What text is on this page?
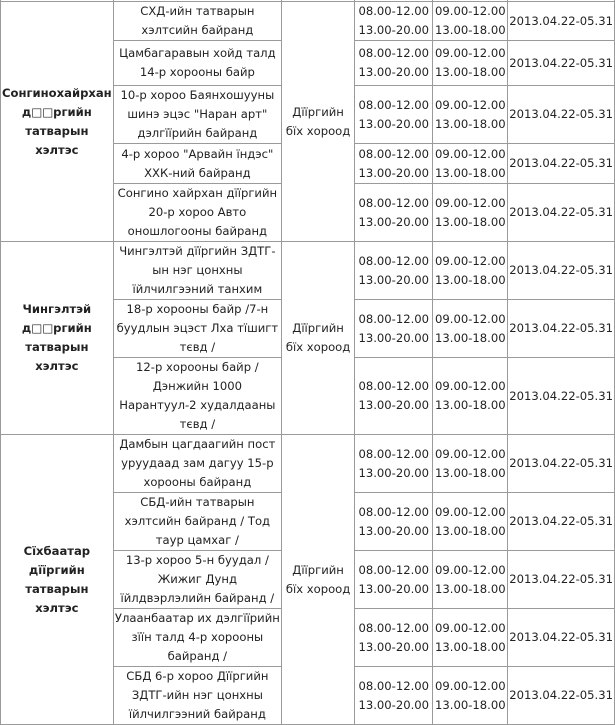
Сонгинохайрхан д□□ргийн татварын хэлтэс	СХД-ийн татварын хэлтсийн байранд	Дїїргийн бїх хороод	08.00-12.00
13.00-20.00	09.00-12.00
13.00-18.00	2013.04.22-05.31
	Цамбагаравын хойд талд 14-р хорооны байр		08.00-12.00
13.00-20.00	09.00-12.00
13.00-18.00	2013.04.22-05.31
	10-р хороо Баянхошууны шинэ эцэс "Наран арт" дэлгїїрийн байранд		08.00-12.00
13.00-20.00	09.00-12.00
13.00-18.00	2013.04.22-05.31
	4-р хороо "Арвайн їндэс" ХХК-ний байранд		08.00-12.00
13.00-20.00	09.00-12.00
13.00-18.00	2013.04.22-05.31
	Сонгино хайрхан дїїргийн 20-р хороо Авто оношлогооны байранд		08.00-12.00
13.00-20.00	09.00-12.00
13.00-18.00	2013.04.22-05.31
Чингэлтэй д□□ргийн татварын хэлтэс	Чингэлтэй дїїргийн ЗДТГ-ын нэг цонхны їйлчилгээний танхим	Дїїргийн бїх хороод	08.00-12.00
13.00-20.00	09.00-12.00
13.00-18.00	2013.04.22-05.31
	18-р хорооны байр /7-н буудлын эцэст Лха тїшигт тєвд /		08.00-12.00
13.00-20.00	09.00-12.00
13.00-18.00	2013.04.22-05.31
	12-р хорооны байр / Дэнжийн 1000 Нарантуул-2 худалдааны тєвд /		08.00-12.00
13.00-20.00	09.00-12.00
13.00-18.00	2013.04.22-05.31
Сїхбаатар дїїргийн татварын хэлтэс	Дамбын цагдаагийн пост уруудаад зам дагуу 15-р хорооны байранд	Дїїргийн бїх хороод	08.00-12.00
13.00-20.00	09.00-12.00
13.00-18.00	2013.04.22-05.31
	СБД-ийн татварын хэлтсийн байранд / Тод таур цамхаг /		08.00-12.00
13.00-20.00	09.00-12.00
13.00-18.00	2013.04.22-05.31
	13-р хороо 5-н буудал / Жижиг Дунд їйлдвэрлэлийн байранд /		08.00-12.00
13.00-20.00	09.00-12.00
13.00-18.00	2013.04.22-05.31
	Улаанбаатар их дэлгїїрийн зїїн талд 4-р хорооны байранд /		08.00-12.00
13.00-20.00	09.00-12.00
13.00-18.00	2013.04.22-05.31
	СБД 6-р хороо Дїїргийн ЗДТГ-ийн нэг цонхны їйлчилгээний байранд		08.00-12.00
13.00-20.00	09.00-12.00
13.00-18.00	2013.04.22-05.31
